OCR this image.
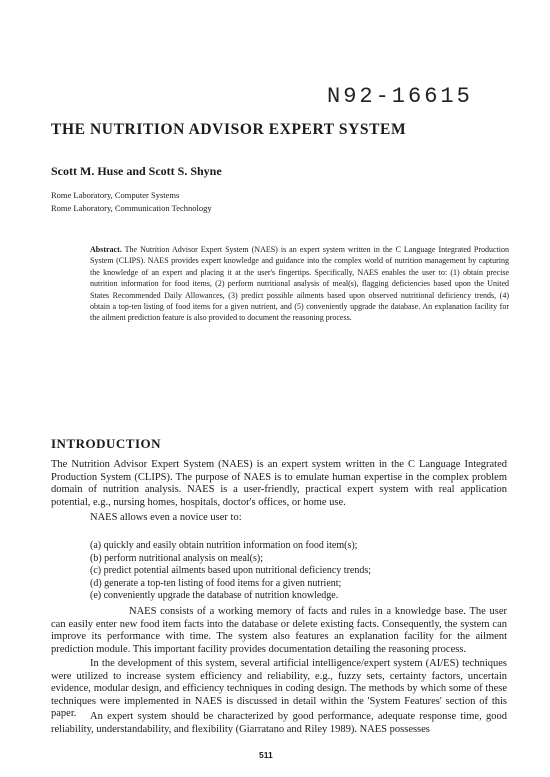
N92-16615
THE NUTRITION ADVISOR EXPERT SYSTEM
Scott M. Huse and Scott S. Shyne
Rome Laboratory, Computer Systems
Rome Laboratory, Communication Technology
Abstract. The Nutrition Advisor Expert System (NAES) is an expert system written in the C Language Integrated Production System (CLIPS). NAES provides expert knowledge and guidance into the complex world of nutrition management by capturing the knowledge of an expert and placing it at the user's fingertips. Specifically, NAES enables the user to: (1) obtain precise nutrition information for food items, (2) perform nutritional analysis of meal(s), flagging deficiencies based upon the United States Recommended Daily Allowances, (3) predict possible ailments based upon observed nutritional deficiency trends, (4) obtain a top-ten listing of food items for a given nutrient, and (5) conveniently upgrade the database. An explanation facility for the ailment prediction feature is also provided to document the reasoning process.
INTRODUCTION
The Nutrition Advisor Expert System (NAES) is an expert system written in the C Language Integrated Production System (CLIPS). The purpose of NAES is to emulate human expertise in the complex problem domain of nutrition analysis. NAES is a user-friendly, practical expert system with real application potential, e.g., nursing homes, hospitals, doctor's offices, or home use.
NAES allows even a novice user to:
(a) quickly and easily obtain nutrition information on food item(s);
(b) perform nutritional analysis on meal(s);
(c) predict potential ailments based upon nutritional deficiency trends;
(d) generate a top-ten listing of food items for a given nutrient;
(e) conveniently upgrade the database of nutrition knowledge.
NAES consists of a working memory of facts and rules in a knowledge base. The user can easily enter new food item facts into the database or delete existing facts. Consequently, the system can improve its performance with time. The system also features an explanation facility for the ailment prediction module. This important facility provides documentation detailing the reasoning process.
In the development of this system, several artificial intelligence/expert system (AI/ES) techniques were utilized to increase system efficiency and reliability, e.g., fuzzy sets, certainty factors, uncertain evidence, modular design, and efficiency techniques in coding design. The methods by which some of these techniques were implemented in NAES is discussed in detail within the 'System Features' section of this paper.	An expert system should be characterized by good performance, adequate response time, good reliability, understandability, and flexibility (Giarratano and Riley 1989). NAES possesses
511
